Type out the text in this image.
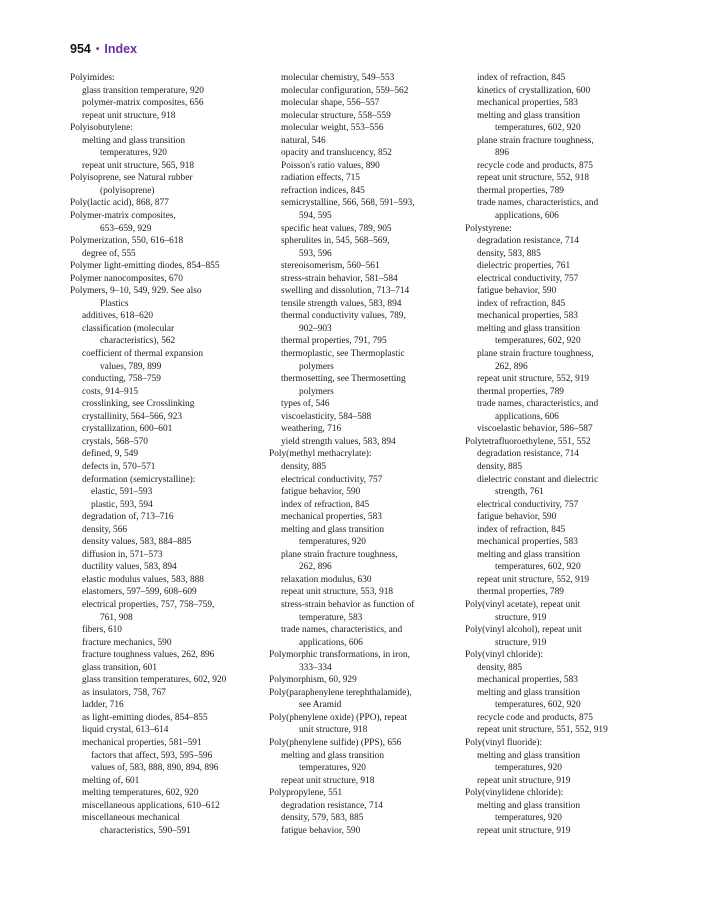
954 • Index
Polyimides:
glass transition temperature, 920
polymer-matrix composites, 656
repeat unit structure, 918
Polyisobutylene:
melting and glass transition
temperatures, 920
repeat unit structure, 565, 918
Polyisoprene, see Natural rubber
(polyisoprene)
Poly(lactic acid), 868, 877
Polymer-matrix composites,
653–659, 929
Polymerization, 550, 616–618
degree of, 555
Polymer light-emitting diodes, 854–855
Polymer nanocomposites, 670
Polymers, 9–10, 549, 929. See also
Plastics
additives, 618–620
classification (molecular
characteristics), 562
coefficient of thermal expansion
values, 789, 899
conducting, 758–759
costs, 914–915
crosslinking, see Crosslinking
crystallinity, 564–566, 923
crystallization, 600–601
crystals, 568–570
defined, 9, 549
defects in, 570–571
deformation (semicrystalline):
elastic, 591–593
plastic, 593, 594
degradation of, 713–716
density, 566
density values, 583, 884–885
diffusion in, 571–573
ductility values, 583, 894
elastic modulus values, 583, 888
elastomers, 597–599, 608–609
electrical properties, 757, 758–759,
761, 908
fibers, 610
fracture mechanics, 590
fracture toughness values, 262, 896
glass transition, 601
glass transition temperatures, 602, 920
as insulators, 758, 767
ladder, 716
as light-emitting diodes, 854–855
liquid crystal, 613–614
mechanical properties, 581–591
factors that affect, 593, 595–596
values of, 583, 888, 890, 894, 896
melting of, 601
melting temperatures, 602, 920
miscellaneous applications, 610–612
miscellaneous mechanical
characteristics, 590–591
molecular chemistry, 549–553
molecular configuration, 559–562
molecular shape, 556–557
molecular structure, 558–559
molecular weight, 553–556
natural, 546
opacity and translucency, 852
Poisson's ratio values, 890
radiation effects, 715
refraction indices, 845
semicrystalline, 566, 568, 591–593,
594, 595
specific heat values, 789, 905
spherulites in, 545, 568–569,
593, 596
stereoisomerism, 560–561
stress-strain behavior, 581–584
swelling and dissolution, 713–714
tensile strength values, 583, 894
thermal conductivity values, 789,
902–903
thermal properties, 791, 795
thermoplastic, see Thermoplastic
polymers
thermosetting, see Thermosetting
polymers
types of, 546
viscoelasticity, 584–588
weathering, 716
yield strength values, 583, 894
Poly(methyl methacrylate):
density, 885
electrical conductivity, 757
fatigue behavior, 590
index of refraction, 845
mechanical properties, 583
melting and glass transition
temperatures, 920
plane strain fracture toughness,
262, 896
relaxation modulus, 630
repeat unit structure, 553, 918
stress-strain behavior as function of
temperature, 583
trade names, characteristics, and
applications, 606
Polymorphic transformations, in iron,
333–334
Polymorphism, 60, 929
Poly(paraphenylene terephthalamide),
see Aramid
Poly(phenylene oxide) (PPO), repeat
unit structure, 918
Poly(phenylene sulfide) (PPS), 656
melting and glass transition
temperatures, 920
repeat unit structure, 918
Polypropylene, 551
degradation resistance, 714
density, 579, 583, 885
fatigue behavior, 590
index of refraction, 845
kinetics of crystallization, 600
mechanical properties, 583
melting and glass transition
temperatures, 602, 920
plane strain fracture toughness,
896
recycle code and products, 875
repeat unit structure, 552, 918
thermal properties, 789
trade names, characteristics, and
applications, 606
Polystyrene:
degradation resistance, 714
density, 583, 885
dielectric properties, 761
electrical conductivity, 757
fatigue behavior, 590
index of refraction, 845
mechanical properties, 583
melting and glass transition
temperatures, 602, 920
plane strain fracture toughness,
262, 896
repeat unit structure, 552, 919
thermal properties, 789
trade names, characteristics, and
applications, 606
viscoelastic behavior, 586–587
Polytetrafluoroethylene, 551, 552
degradation resistance, 714
density, 885
dielectric constant and dielectric
strength, 761
electrical conductivity, 757
fatigue behavior, 590
index of refraction, 845
mechanical properties, 583
melting and glass transition
temperatures, 602, 920
repeat unit structure, 552, 919
thermal properties, 789
Poly(vinyl acetate), repeat unit
structure, 919
Poly(vinyl alcohol), repeat unit
structure, 919
Poly(vinyl chloride):
density, 885
mechanical properties, 583
melting and glass transition
temperatures, 602, 920
recycle code and products, 875
repeat unit structure, 551, 552, 919
Poly(vinyl fluoride):
melting and glass transition
temperatures, 920
repeat unit structure, 919
Poly(vinylidene chloride):
melting and glass transition
temperatures, 920
repeat unit structure, 919
